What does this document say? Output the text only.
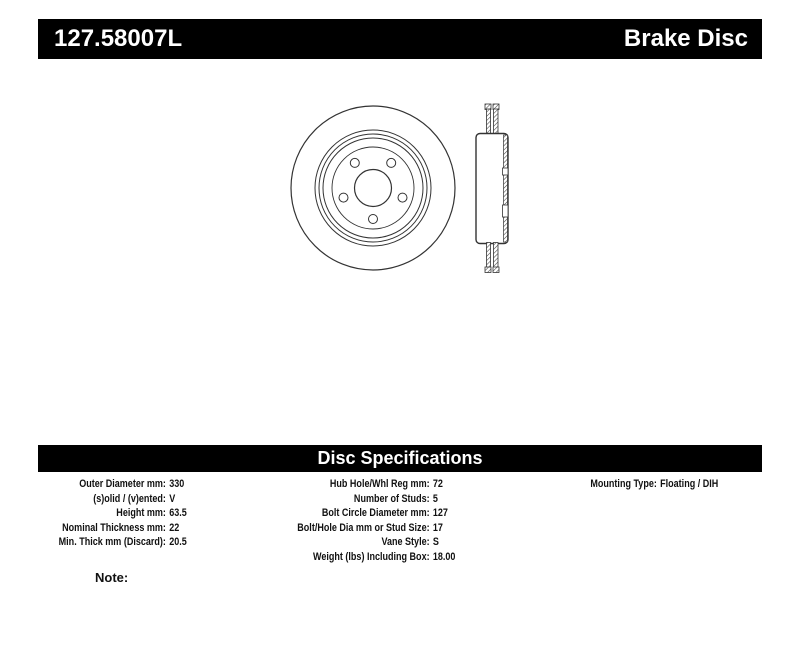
127.58007L	Brake Disc
Disc Specifications
Outer Diameter mm: 330
(s)olid / (v)ented: V
Height mm: 63.5
Nominal Thickness mm: 22
Min. Thick mm (Discard): 20.5
Hub Hole/Whl Reg mm: 72
Number of Studs: 5
Bolt Circle Diameter mm: 127
Bolt/Hole Dia mm or Stud Size: 17
Vane Style: S
Weight (lbs) Including Box: 18.00
Mounting Type: Floating / DIH
Note:
